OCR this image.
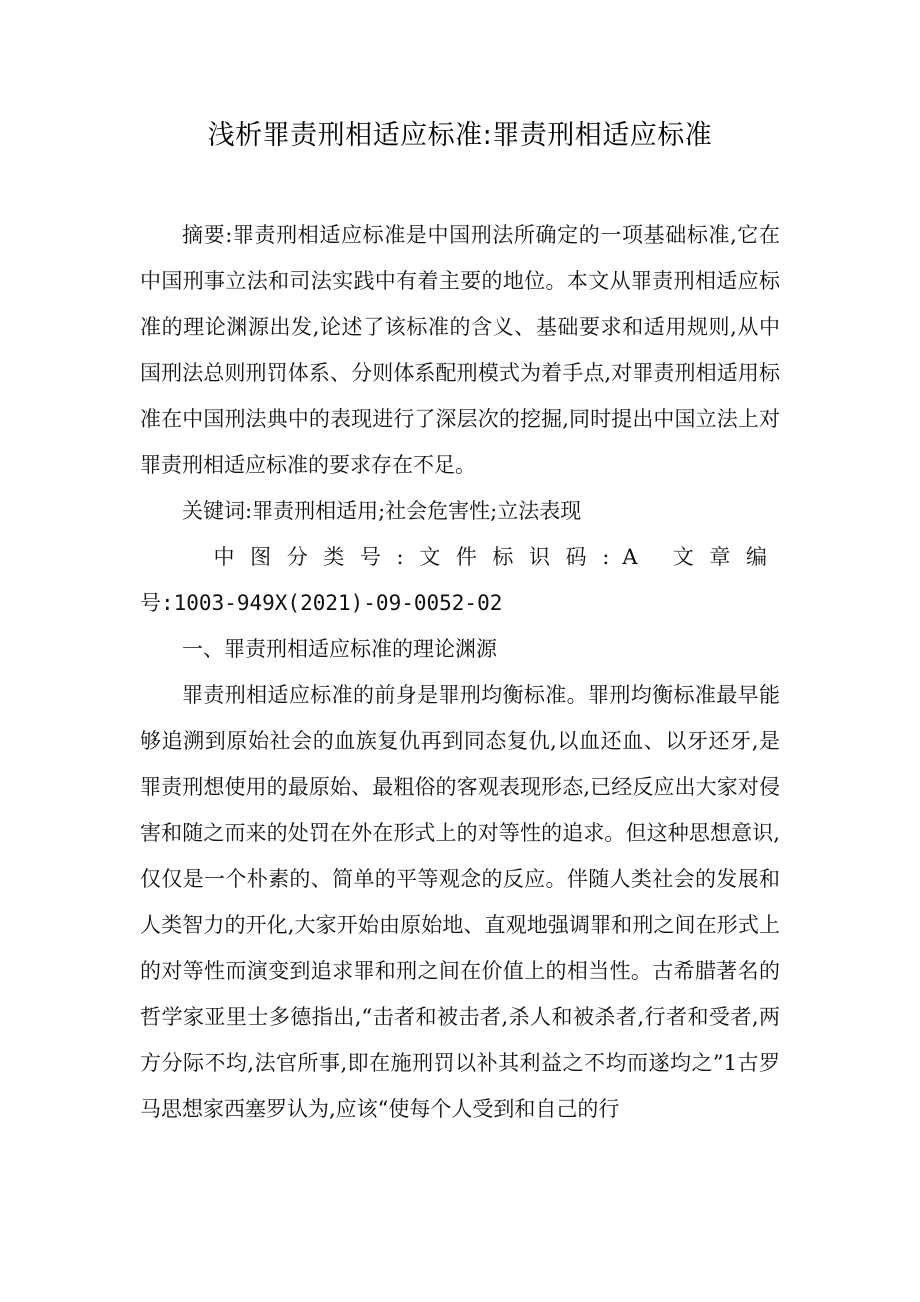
浅析罪责刑相适应标准:罪责刑相适应标准

摘要:罪责刑相适应标准是中国刑法所确定的一项基础标准,它在中国刑事立法和司法实践中有着主要的地位。本文从罪责刑相适应标准的理论渊源出发,论述了该标准的含义、基础要求和适用规则,从中国刑法总则刑罚体系、分则体系配刑模式为着手点,对罪责刑相适用标准在中国刑法典中的表现进行了深层次的挖掘,同时提出中国立法上对罪责刑相适应标准的要求存在不足。

关键词:罪责刑相适用;社会危害性;立法表现

中图分类号:文件标识码:A 文章编号:1003-949X(2021)-09-0052-02

一、罪责刑相适应标准的理论渊源

罪责刑相适应标准的前身是罪刑均衡标准。罪刑均衡标准最早能够追溯到原始社会的血族复仇再到同态复仇,以血还血、以牙还牙,是罪责刑想使用的最原始、最粗俗的客观表现形态,已经反应出大家对侵害和随之而来的处罚在外在形式上的对等性的追求。但这种思想意识,仅仅是一个朴素的、简单的平等观念的反应。伴随人类社会的发展和人类智力的开化,大家开始由原始地、直观地强调罪和刑之间在形式上的对等性而演变到追求罪和刑之间在价值上的相当性。古希腊著名的哲学家亚里士多德指出,“击者和被击者,杀人和被杀者,行者和受者,两方分际不均,法官所事,即在施刑罚以补其利益之不均而遂均之”1古罗马思想家西塞罗认为,应该“使每个人受到和自己的行
